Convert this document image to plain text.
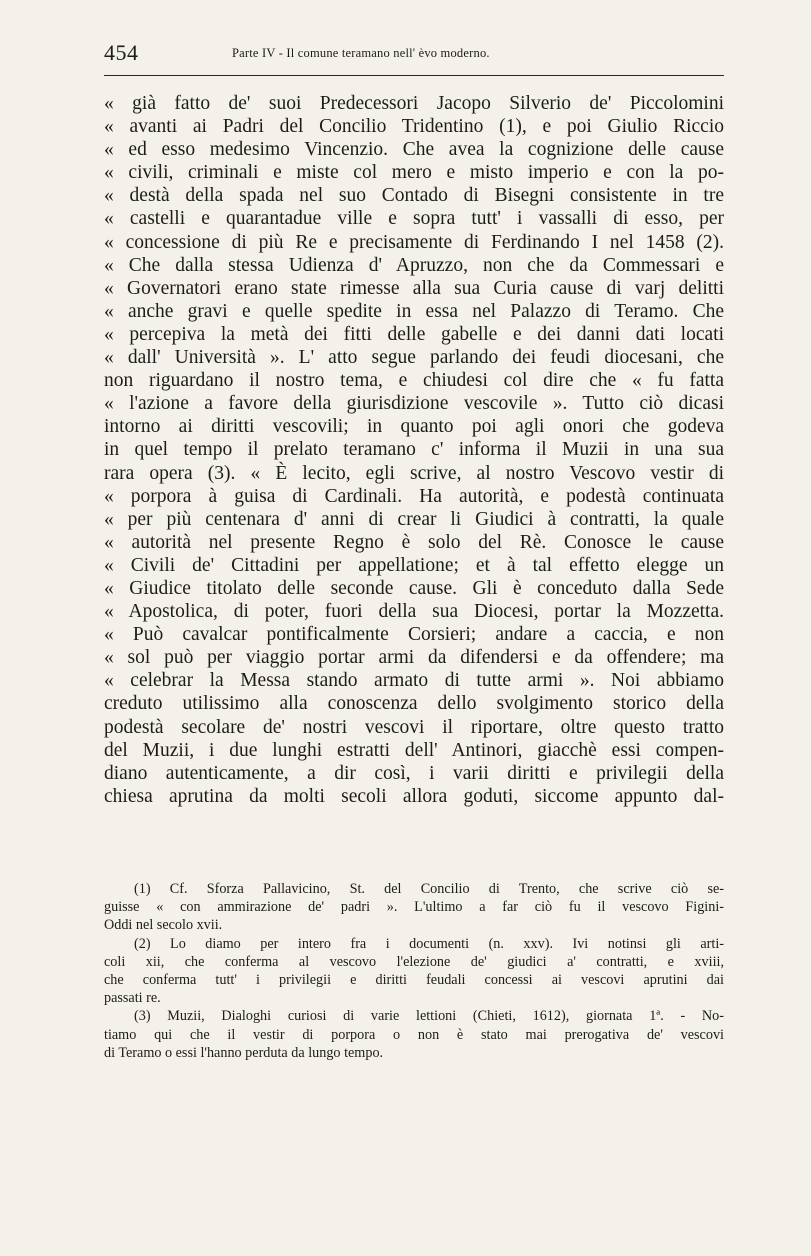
454	Parte IV - Il comune teramano nell' èvo moderno.
« già fatto de' suoi Predecessori Jacopo Silverio de' Piccolomini
« avanti ai Padri del Concilio Tridentino (1), e poi Giulio Riccio
« ed esso medesimo Vincenzio. Che avea la cognizione delle cause
« civili, criminali e miste col mero e misto imperio e con la po-
« destà della spada nel suo Contado di Bisegni consistente in tre
« castelli e quarantadue ville e sopra tutt' i vassalli di esso, per
« concessione di più Re e precisamente di Ferdinando I nel 1458 (2).
« Che dalla stessa Udienza d' Apruzzo, non che da Commessari e
« Governatori erano state rimesse alla sua Curia cause di varj delitti
« anche gravi e quelle spedite in essa nel Palazzo di Teramo. Che
« percepiva la metà dei fitti delle gabelle e dei danni dati locati
« dall' Università ». L' atto segue parlando dei feudi diocesani, che
non riguardano il nostro tema, e chiudesi col dire che « fu fatta
« l'azione a favore della giurisdizione vescovile ». Tutto ciò dicasi
intorno ai diritti vescovili; in quanto poi agli onori che godeva
in quel tempo il prelato teramano c' informa il Muzii in una sua
rara opera (3). « È lecito, egli scrive, al nostro Vescovo vestir di
« porpora à guisa di Cardinali. Ha autorità, e podestà continuata
« per più centenara d' anni di crear li Giudici à contratti, la quale
« autorità nel presente Regno è solo del Rè. Conosce le cause
« Civili de' Cittadini per appellatione; et à tal effetto elegge un
« Giudice titolato delle seconde cause. Gli è conceduto dalla Sede
« Apostolica, di poter, fuori della sua Diocesi, portar la Mozzetta.
« Può cavalcar pontificalmente Corsieri; andare a caccia, e non
« sol può per viaggio portar armi da difendersi e da offendere; ma
« celebrar la Messa stando armato di tutte armi ». Noi abbiamo
creduto utilissimo alla conoscenza dello svolgimento storico della
podestà secolare de' nostri vescovi il riportare, oltre questo tratto
del Muzii, i due lunghi estratti dell' Antinori, giacchè essi compen-
diano autenticamente, a dir così, i varii diritti e privilegii della
chiesa aprutina da molti secoli allora goduti, siccome appunto dal-
(1) Cf. Sforza Pallavicino, St. del Concilio di Trento, che scrive ciò se-
guisse « con ammirazione de' padri ». L'ultimo a far ciò fu il vescovo Figini-
Oddi nel secolo xvii.
(2) Lo diamo per intero fra i documenti (n. xxv). Ivi notinsi gli arti-
coli xii, che conferma al vescovo l'elezione de' giudici a' contratti, e xviii,
che conferma tutt' i privilegii e diritti feudali concessi ai vescovi aprutini dai
passati re.
(3) Muzii, Dialoghi curiosi di varie lettioni (Chieti, 1612), giornata 1ª. - No-
tiamo qui che il vestir di porpora o non è stato mai prerogativa de' vescovi
di Teramo o essi l'hanno perduta da lungo tempo.
